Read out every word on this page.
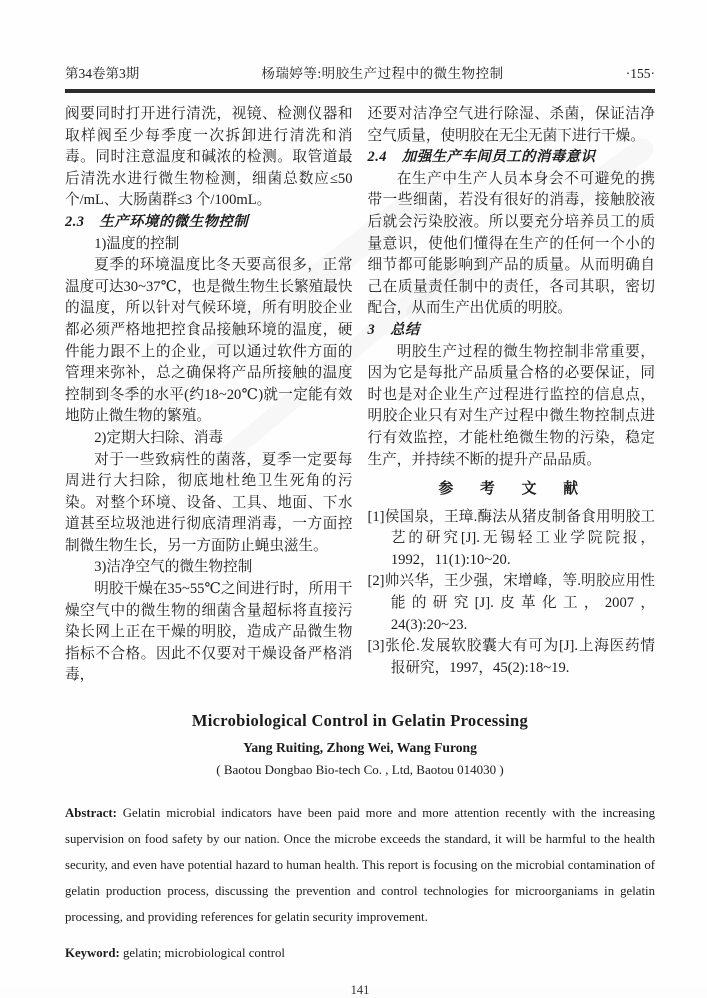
第34卷第3期	杨瑞婷等:明胶生产过程中的微生物控制	·155·

阀要同时打开进行清洗，视镜、检测仪器和取样阀至少每季度一次拆卸进行清洗和消毒。同时注意温度和碱浓的检测。取管道最后清洗水进行微生物检测，细菌总数应≤50 个/mL、大肠菌群≤3 个/100mL。

2.3　生产环境的微生物控制

1)温度的控制

夏季的环境温度比冬天要高很多，正常温度可达30~37℃，也是微生物生长繁殖最快的温度，所以针对气候环境，所有明胶企业都必须严格地把控食品接触环境的温度，硬件能力跟不上的企业，可以通过软件方面的管理来弥补，总之确保将产品所接触的温度控制到冬季的水平(约18~20℃)就一定能有效地防止微生物的繁殖。

2)定期大扫除、消毒

对于一些致病性的菌落，夏季一定要每周进行大扫除，彻底地杜绝卫生死角的污染。对整个环境、设备、工具、地面、下水道甚至垃圾池进行彻底清理消毒，一方面控制微生物生长，另一方面防止蝇虫滋生。

3)洁净空气的微生物控制

明胶干燥在35~55℃之间进行时，所用干燥空气中的微生物的细菌含量超标将直接污染长网上正在干燥的明胶，造成产品微生物指标不合格。因此不仅要对干燥设备严格消毒，

还要对洁净空气进行除湿、杀菌，保证洁净空气质量，使明胶在无尘无菌下进行干燥。

2.4　加强生产车间员工的消毒意识

在生产中生产人员本身会不可避免的携带一些细菌，若没有很好的消毒，接触胶液后就会污染胶液。所以要充分培养员工的质量意识，使他们懂得在生产的任何一个小的细节都可能影响到产品的质量。从而明确自己在质量责任制中的责任，各司其职，密切配合，从而生产出优质的明胶。

3　总结

明胶生产过程的微生物控制非常重要，因为它是每批产品质量合格的必要保证，同时也是对企业生产过程进行监控的信息点，明胶企业只有对生产过程中微生物控制点进行有效监控，才能杜绝微生物的污染，稳定生产，并持续不断的提升产品品质。

参　考　文　献

[1]侯国泉，王璋.酶法从猪皮制备食用明胶工艺的研究[J].无锡轻工业学院院报，1992，11(1):10~20.

[2]帅兴华，王少强，宋增峰，等.明胶应用性能的研究[J].皮革化工，2007，24(3):20~23.

[3]张伦.发展软胶囊大有可为[J].上海医药情报研究，1997，45(2):18~19.

Microbiological Control in Gelatin Processing
Yang Ruiting, Zhong Wei, Wang Furong

( Baotou Dongbao Bio-tech Co. , Ltd, Baotou 014030 )

Abstract: Gelatin microbial indicators have been paid more and more attention recently with the increasing supervision on food safety by our nation. Once the microbe exceeds the standard, it will be harmful to the health security, and even have potential hazard to human health. This report is focusing on the microbial contamination of gelatin production process, discussing the prevention and control technologies for microorganiams in gelatin processing, and providing references for gelatin security improvement.

Keyword: gelatin; microbiological control

141
